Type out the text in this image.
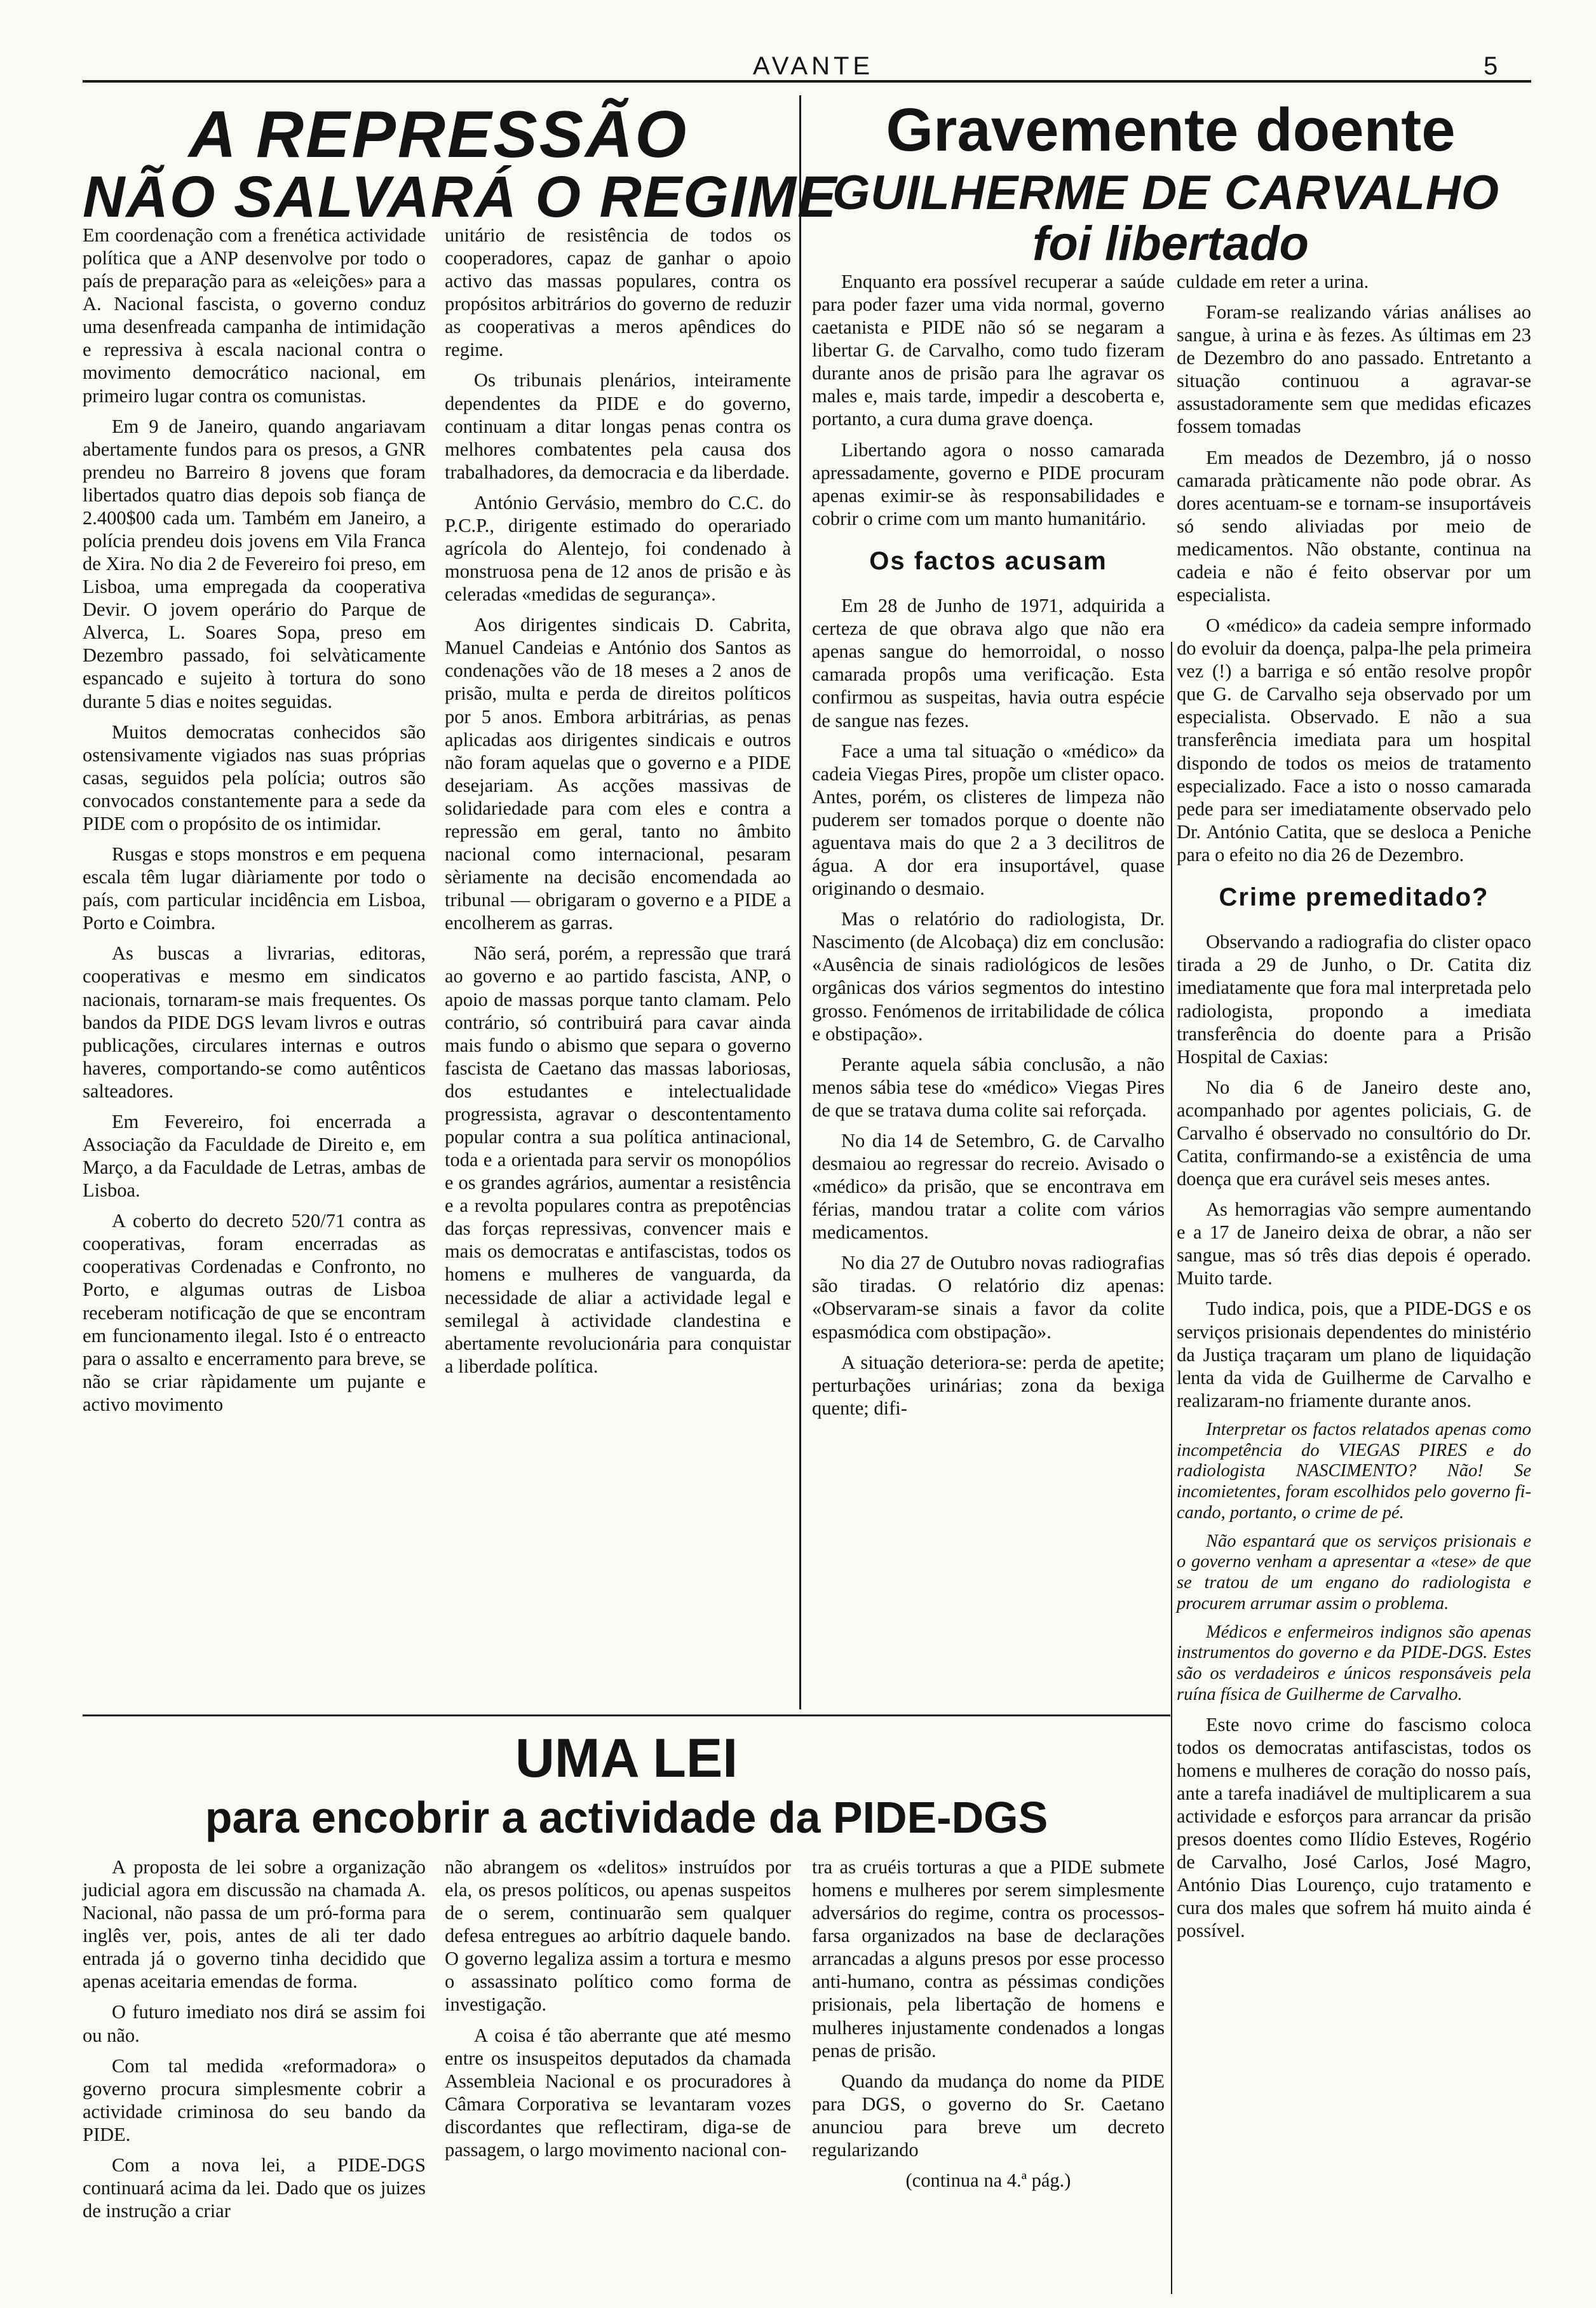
AVANTE	5
A REPRESSÃO
NÃO SALVARÁ O REGIME

Em coordenação com a frenética actividade política que a ANP desenvolve por todo o país de preparação para as «eleições» para a A. Nacional fascista, o governo conduz uma desenfreada campanha de intimidação e repressiva à escala nacional contra o movimento democrático nacional, em primeiro lugar contra os comunistas.

Em 9 de Janeiro, quando angariavam abertamente fundos para os presos, a GNR prendeu no Barreiro 8 jovens que foram libertados quatro dias depois sob fiança de 2.400$00 cada um. Também em Janeiro, a polícia prendeu dois jovens em Vila Franca de Xira. No dia 2 de Fevereiro foi preso, em Lisboa, uma empregada da cooperativa Devir. O jovem operário do Parque de Alverca, L. Soares Sopa, preso em Dezembro passado, foi selvàticamente espancado e sujeito à tortura do sono durante 5 dias e noites seguidas.

Muitos democratas conhecidos são ostensivamente vigiados nas suas próprias casas, seguidos pela polícia; outros são convocados constantemente para a sede da PIDE com o propósito de os intimidar.

Rusgas e stops monstros e em pequena escala têm lugar diàriamente por todo o país, com particular incidência em Lisboa, Porto e Coimbra.

As buscas a livrarias, editoras, cooperativas e mesmo em sindicatos nacionais, tornaram-se mais frequentes. Os bandos da PIDE DGS levam livros e outras publicações, circulares internas e outros haveres, comportando-se como autênticos salteadores.

Em Fevereiro, foi encerrada a Associação da Faculdade de Direito e, em Março, a da Faculdade de Letras, ambas de Lisboa.

A coberto do decreto 520/71 contra as cooperativas, foram encerradas as cooperativas Cordenadas e Confronto, no Porto, e algumas outras de Lisboa receberam notificação de que se encontram em funcionamento ilegal. Isto é o entreacto para o assalto e encerramento para breve, se não se criar ràpidamente um pujante e activo movimento

unitário de resistência de todos os cooperadores, capaz de ganhar o apoio activo das massas populares, contra os propósitos arbitrários do governo de reduzir as cooperativas a meros apêndices do regime.

Os tribunais plenários, inteiramente dependentes da PIDE e do governo, continuam a ditar longas penas contra os melhores combatentes pela causa dos trabalhadores, da democracia e da liberdade.

António Gervásio, membro do C.C. do P.C.P., dirigente estimado do operariado agrícola do Alentejo, foi condenado à monstruosa pena de 12 anos de prisão e às celeradas «medidas de segurança».

Aos dirigentes sindicais D. Cabrita, Manuel Candeias e António dos Santos as condenações vão de 18 meses a 2 anos de prisão, multa e perda de direitos políticos por 5 anos. Embora arbitrárias, as penas aplicadas aos dirigentes sindicais e outros não foram aquelas que o governo e a PIDE desejariam. As acções massivas de solidariedade para com eles e contra a repressão em geral, tanto no âmbito nacional como internacional, pesaram sèriamente na decisão encomendada ao tribunal — obrigaram o governo e a PIDE a encolherem as garras.

Não será, porém, a repressão que trará ao governo e ao partido fascista, ANP, o apoio de massas porque tanto clamam. Pelo contrário, só contribuirá para cavar ainda mais fundo o abismo que separa o governo fascista de Caetano das massas laboriosas, dos estudantes e intelectualidade progressista, agravar o descontentamento popular contra a sua política antinacional, toda e a orientada para servir os monopólios e os grandes agrários, aumentar a resistência e a revolta populares contra as prepotências das forças repressivas, convencer mais e mais os democratas e antifascistas, todos os homens e mulheres de vanguarda, da necessidade de aliar a actividade legal e semilegal à actividade clandestina e abertamente revolucionária para conquistar a liberdade política.

Gravemente doente
GUILHERME DE CARVALHO
foi libertado

Enquanto era possível recuperar a saúde para poder fazer uma vida normal, governo caetanista e PIDE não só se negaram a libertar G. de Carvalho, como tudo fizeram durante anos de prisão para lhe agravar os males e, mais tarde, impedir a descoberta e, portanto, a cura duma grave doença.

Libertando agora o nosso camarada apressadamente, governo e PIDE procuram apenas eximir-se às responsabilidades e cobrir o crime com um manto humanitário.

Os factos acusam

Em 28 de Junho de 1971, adquirida a certeza de que obrava algo que não era apenas sangue do hemorroidal, o nosso camarada propôs uma verificação. Esta confirmou as suspeitas, havia outra espécie de sangue nas fezes.

Face a uma tal situação o «médico» da cadeia Viegas Pires, propõe um clister opaco. Antes, porém, os clisteres de limpeza não puderem ser tomados porque o doente não aguentava mais do que 2 a 3 decilitros de água. A dor era insuportável, quase originando o desmaio.

Mas o relatório do radiologista, Dr. Nascimento (de Alcobaça) diz em conclusão: «Ausência de sinais radiológicos de lesões orgânicas dos vários segmentos do intestino grosso. Fenómenos de irritabilidade de cólica e obstipação».

Perante aquela sábia conclusão, a não menos sábia tese do «médico» Viegas Pires de que se tratava duma colite sai reforçada.

No dia 14 de Setembro, G. de Carvalho desmaiou ao regressar do recreio. Avisado o «médico» da prisão, que se encontrava em férias, mandou tratar a colite com vários medicamentos.

No dia 27 de Outubro novas radiografias são tiradas. O relatório diz apenas: «Observaram-se sinais a favor da colite espasmódica com obstipação».

A situação deteriora-se: perda de apetite; perturbações urinárias; zona da bexiga quente; difi-

culdade em reter a urina.

Foram-se realizando várias análises ao sangue, à urina e às fezes. As últimas em 23 de Dezembro do ano passado. Entretanto a situação continuou a agravar-se assustadoramente sem que medidas eficazes fossem tomadas

Em meados de Dezembro, já o nosso camarada pràticamente não pode obrar. As dores acentuam-se e tornam-se insuportáveis só sendo aliviadas por meio de medicamentos. Não obstante, continua na cadeia e não é feito observar por um especialista.

O «médico» da cadeia sempre informado do evoluir da doença, palpa-lhe pela primeira vez (!) a barriga e só então resolve propôr que G. de Carvalho seja observado por um especialista. Observado. E não a sua transferência imediata para um hospital dispondo de todos os meios de tratamento especializado. Face a isto o nosso camarada pede para ser imediatamente observado pelo Dr. António Catita, que se desloca a Peniche para o efeito no dia 26 de Dezembro.

Crime premeditado?

Observando a radiografia do clister opaco tirada a 29 de Junho, o Dr. Catita diz imediatamente que fora mal interpretada pelo radiologista, propondo a imediata transferência do doente para a Prisão Hospital de Caxias:

No dia 6 de Janeiro deste ano, acompanhado por agentes policiais, G. de Carvalho é observado no consultório do Dr. Catita, confirmando-se a existência de uma doença que era curável seis meses antes.

As hemorragias vão sempre aumentando e a 17 de Janeiro deixa de obrar, a não ser sangue, mas só três dias depois é operado. Muito tarde.

Tudo indica, pois, que a PIDE-DGS e os serviços prisionais dependentes do ministério da Justiça traçaram um plano de liquidação lenta da vida de Guilherme de Carvalho e realizaram-no friamente durante anos.

Interpretar os factos relatados apenas como incompetência do VIEGAS PIRES e do radiologista NASCIMENTO? Não! Se incomietentes, foram escolhidos pelo governo fi-cando, portanto, o crime de pé.

Não espantará que os serviços prisionais e o governo venham a apresentar a «tese» de que se tratou de um engano do radiologista e procurem arrumar assim o problema.

Médicos e enfermeiros indignos são apenas instrumentos do governo e da PIDE-DGS. Estes são os verdadeiros e únicos responsáveis pela ruína física de Guilherme de Carvalho.

Este novo crime do fascismo coloca todos os democratas antifascistas, todos os homens e mulheres de coração do nosso país, ante a tarefa inadiável de multiplicarem a sua actividade e esforços para arrancar da prisão presos doentes como Ilídio Esteves, Rogério de Carvalho, José Carlos, José Magro, António Dias Lourenço, cujo tratamento e cura dos males que sofrem há muito ainda é possível.

UMA LEI
para encobrir a actividade da PIDE-DGS

A proposta de lei sobre a organização judicial agora em discussão na chamada A. Nacional, não passa de um pró-forma para inglês ver, pois, antes de ali ter dado entrada já o governo tinha decidido que apenas aceitaria emendas de forma.

O futuro imediato nos dirá se assim foi ou não.

Com tal medida «reformadora» o governo procura simplesmente cobrir a actividade criminosa do seu bando da PIDE.

Com a nova lei, a PIDE-DGS continuará acima da lei. Dado que os juizes de instrução a criar

não abrangem os «delitos» instruídos por ela, os presos políticos, ou apenas suspeitos de o serem, continuarão sem qualquer defesa entregues ao arbítrio daquele bando. O governo legaliza assim a tortura e mesmo o assassinato político como forma de investigação.

A coisa é tão aberrante que até mesmo entre os insuspeitos deputados da chamada Assembleia Nacional e os procuradores à Câmara Corporativa se levantaram vozes discordantes que reflectiram, diga-se de passagem, o largo movimento nacional con-

tra as cruéis torturas a que a PIDE submete homens e mulheres por serem simplesmente adversários do regime, contra os processos-farsa organizados na base de declarações arrancadas a alguns presos por esse processo anti-humano, contra as péssimas condições prisionais, pela libertação de homens e mulheres injustamente condenados a longas penas de prisão.

Quando da mudança do nome da PIDE para DGS, o governo do Sr. Caetano anunciou para breve um decreto regularizando

(continua na 4.ª pág.)
